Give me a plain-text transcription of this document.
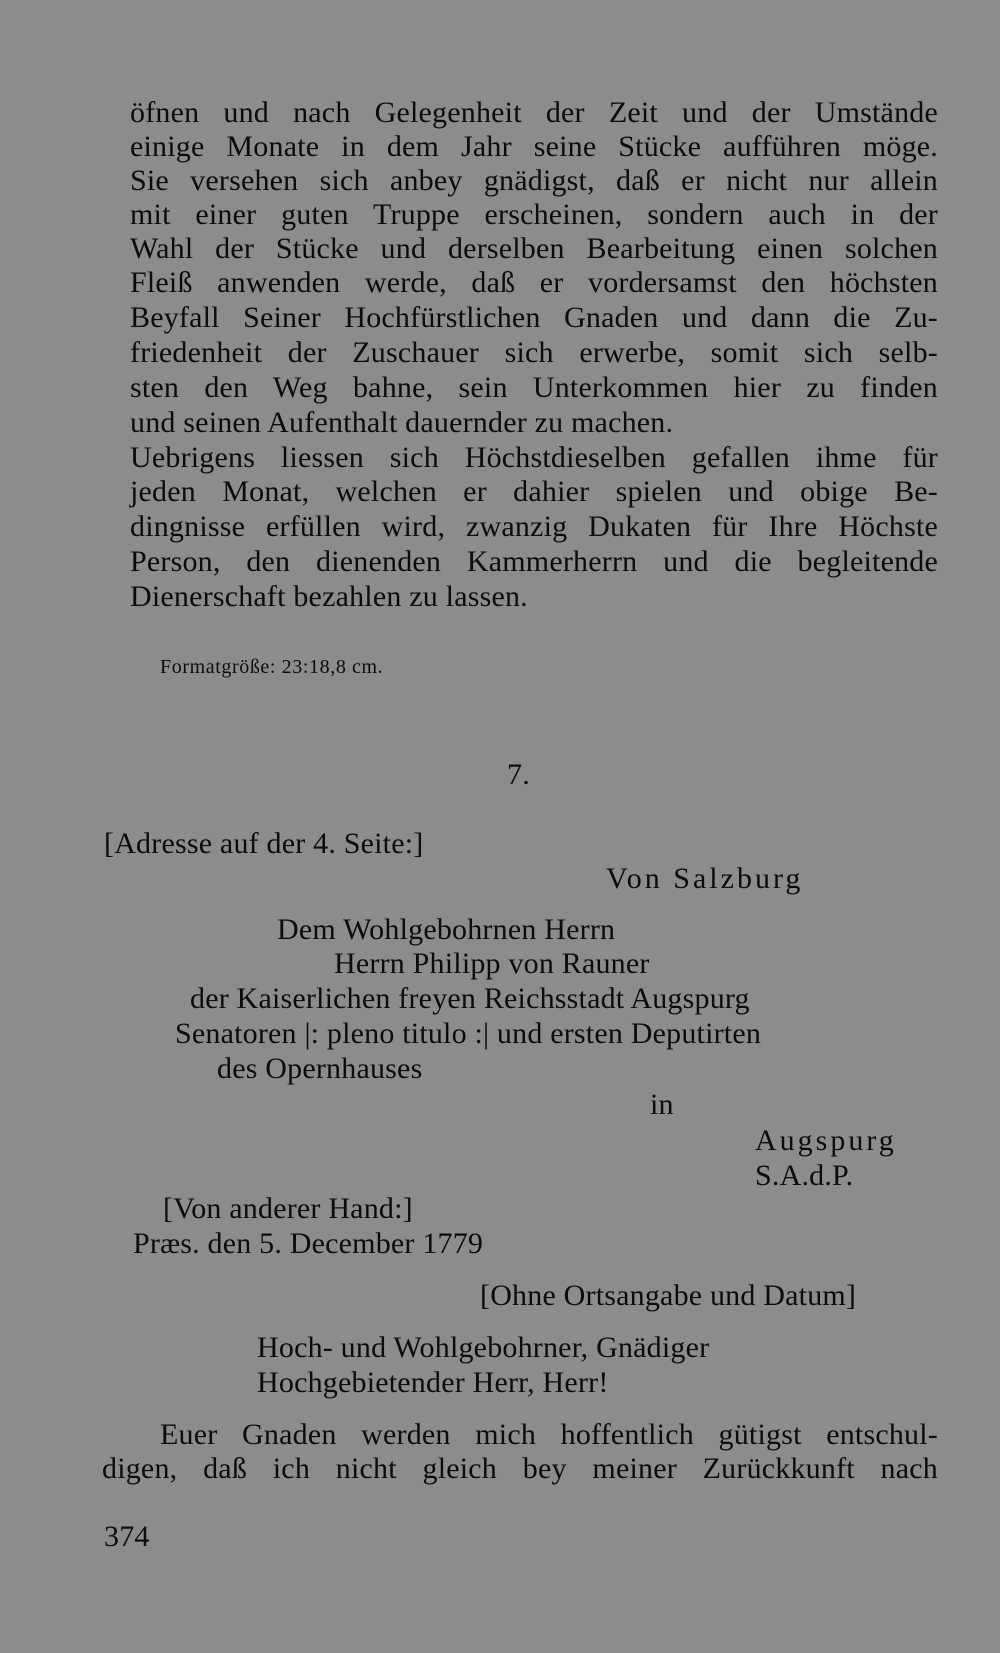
öfnen und nach Gelegenheit der Zeit und der Umstände

einige Monate in dem Jahr seine Stücke aufführen möge.

Sie versehen sich anbey gnädigst, daß er nicht nur allein

mit einer guten Truppe erscheinen, sondern auch in der

Wahl der Stücke und derselben Bearbeitung einen solchen

Fleiß anwenden werde, daß er vordersamst den höchsten

Beyfall Seiner Hochfürstlichen Gnaden und dann die Zu-

friedenheit der Zuschauer sich erwerbe, somit sich selb-

sten den Weg bahne, sein Unterkommen hier zu finden

und seinen Aufenthalt dauernder zu machen.

Uebrigens liessen sich Höchstdieselben gefallen ihme für

jeden Monat, welchen er dahier spielen und obige Be-

dingnisse erfüllen wird, zwanzig Dukaten für Ihre Höchste

Person, den dienenden Kammerherrn und die begleitende

Dienerschaft bezahlen zu lassen.

Formatgröße: 23:18,8 cm.

7.

[Adresse auf der 4. Seite:]

Von Salzburg

Dem Wohlgebohrnen Herrn

Herrn Philipp von Rauner

der Kaiserlichen freyen Reichsstadt Augspurg

Senatoren |: pleno titulo :| und ersten Deputirten

des Opernhauses

in

Augspurg

S.A.d.P.

[Von anderer Hand:]

Præs. den 5. December 1779

[Ohne Ortsangabe und Datum]

Hoch- und Wohlgebohrner, Gnädiger

Hochgebietender Herr, Herr!

Euer Gnaden werden mich hoffentlich gütigst entschul-

digen, daß ich nicht gleich bey meiner Zurückkunft nach

374
